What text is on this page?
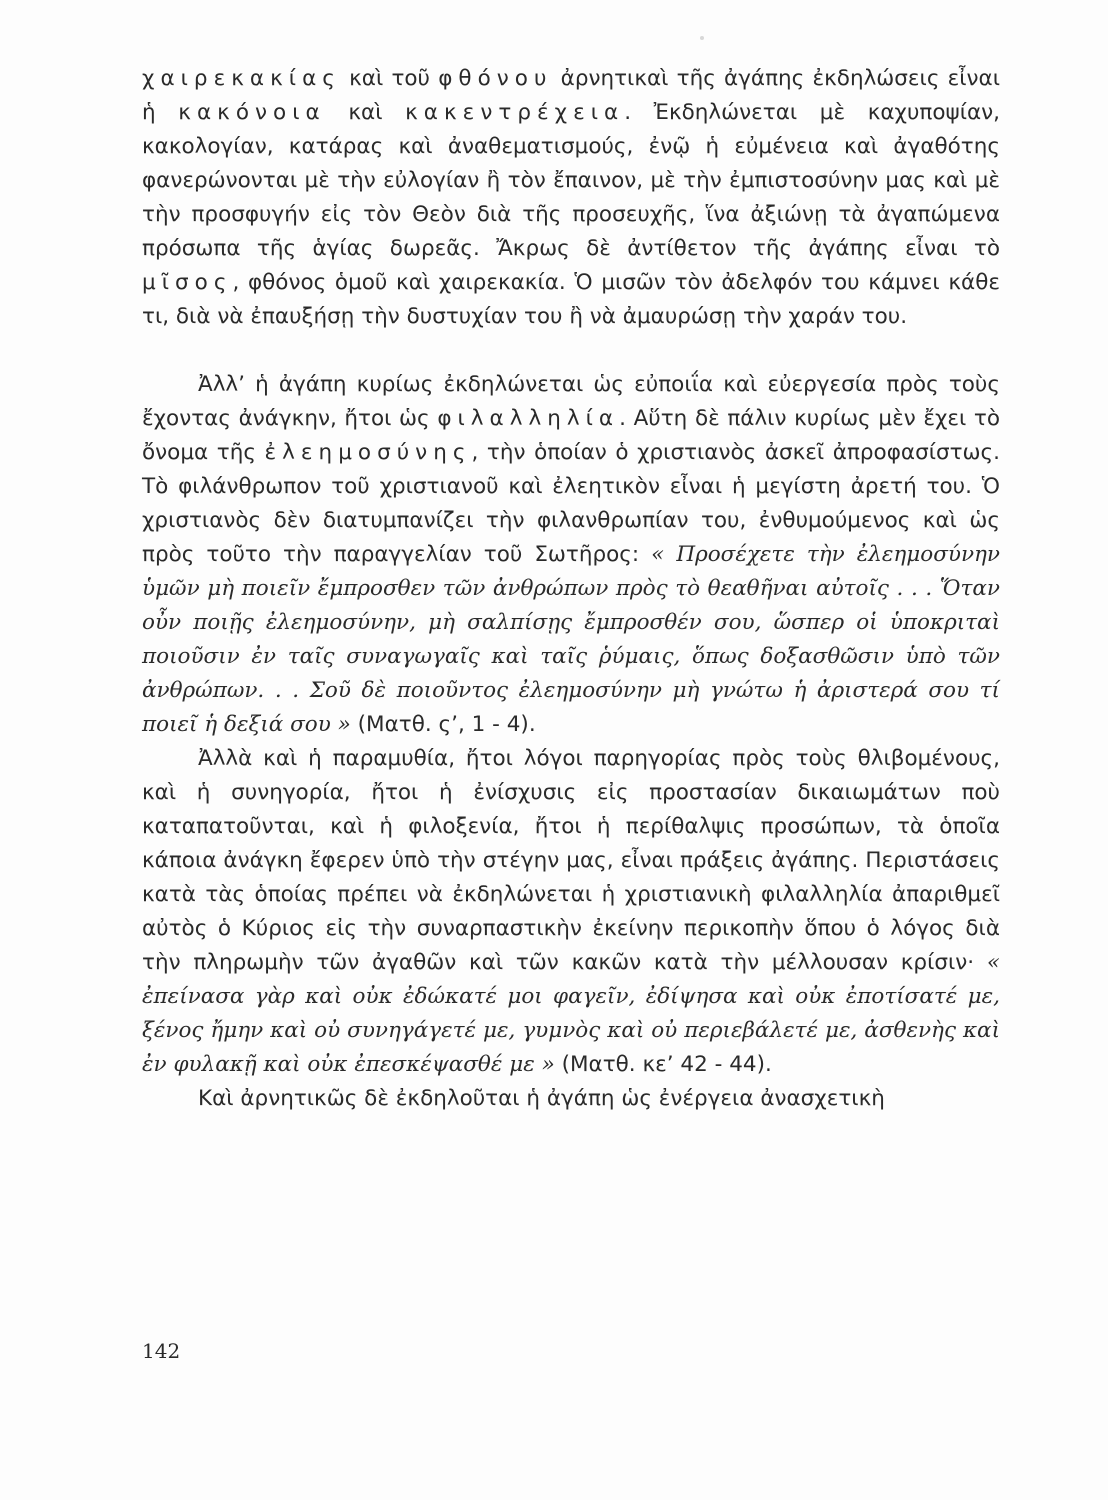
χαιρεκακίας καὶ τοῦ φθόνου ἀρνητικαὶ τῆς ἀγάπης ἐκδηλώσεις εἶναι ἡ κακόνοια καὶ κακεντρέχεια. Ἐκδηλώνεται μὲ καχυποψίαν, κακολογίαν, κατάρας καὶ ἀναθεματισμούς, ἐνῷ ἡ εὐμένεια καὶ ἀγαθότης φανερώνονται μὲ τὴν εὐλογίαν ἢ τὸν ἔπαινον, μὲ τὴν ἐμπιστοσύνην μας καὶ μὲ τὴν προσφυγήν εἰς τὸν Θεὸν διὰ τῆς προσευχῆς, ἵνα ἀξιώνῃ τὰ ἀγαπώμενα πρόσωπα τῆς ἁγίας δωρεᾶς. Ἄκρως δὲ ἀντίθετον τῆς ἀγάπης εἶναι τὸ μῖσος, φθόνος ὁμοῦ καὶ χαιρεκακία. Ὁ μισῶν τὸν ἀδελφόν του κάμνει κάθε τι, διὰ νὰ ἐπαυξήσῃ τὴν δυστυχίαν του ἢ νὰ ἀμαυρώσῃ τὴν χαράν του.

Ἀλλ’ ἡ ἀγάπη κυρίως ἐκδηλώνεται ὡς εὐποιΐα καὶ εὐεργεσία πρὸς τοὺς ἔχοντας ἀνάγκην, ἤτοι ὡς φιλαλληλία. Αὕτη δὲ πάλιν κυρίως μὲν ἔχει τὸ ὄνομα τῆς ἐλεημοσύνης, τὴν ὁποίαν ὁ χριστιανὸς ἀσκεῖ ἀπροφασίστως. Τὸ φιλάνθρωπον τοῦ χριστιανοῦ καὶ ἐλεητικὸν εἶναι ἡ μεγίστη ἀρετή του. Ὁ χριστιανὸς δὲν διατυμπανίζει τὴν φιλανθρωπίαν του, ἐνθυμούμενος καὶ ὡς πρὸς τοῦτο τὴν παραγγελίαν τοῦ Σωτῆρος: « Προσέχετε τὴν ἐλεημοσύνην ὑμῶν μὴ ποιεῖν ἔμπροσθεν τῶν ἀνθρώπων πρὸς τὸ θεαθῆναι αὐτοῖς . . . Ὅταν οὖν ποιῇς ἐλεημοσύνην, μὴ σαλπίσῃς ἔμπροσθέν σου, ὥσπερ οἱ ὑποκριταὶ ποιοῦσιν ἐν ταῖς συναγωγαῖς καὶ ταῖς ῥύμαις, ὅπως δοξασθῶσιν ὑπὸ τῶν ἀνθρώπων. . . Σοῦ δὲ ποιοῦντος ἐλεημοσύνην μὴ γνώτω ἡ ἀριστερά σου τί ποιεῖ ἡ δεξιά σου » (Ματθ. ς’, 1 - 4).

Ἀλλὰ καὶ ἡ παραμυθία, ἤτοι λόγοι παρηγορίας πρὸς τοὺς θλιβομένους, καὶ ἡ συνηγορία, ἤτοι ἡ ἐνίσχυσις εἰς προστασίαν δικαιωμάτων ποὺ καταπατοῦνται, καὶ ἡ φιλοξενία, ἤτοι ἡ περίθαλψις προσώπων, τὰ ὁποῖα κάποια ἀνάγκη ἔφερεν ὑπὸ τὴν στέγην μας, εἶναι πράξεις ἀγάπης. Περιστάσεις κατὰ τὰς ὁποίας πρέπει νὰ ἐκδηλώνεται ἡ χριστιανικὴ φιλαλληλία ἀπαριθμεῖ αὐτὸς ὁ Κύριος εἰς τὴν συναρπαστικὴν ἐκείνην περικοπὴν ὅπου ὁ λόγος διὰ τὴν πληρωμὴν τῶν ἀγαθῶν καὶ τῶν κακῶν κατὰ τὴν μέλλουσαν κρίσιν· « ἐπείνασα γὰρ καὶ οὐκ ἐδώκατέ μοι φαγεῖν, ἐδίψησα καὶ οὐκ ἐποτίσατέ με, ξένος ἤμην καὶ οὐ συνηγάγετέ με, γυμνὸς καὶ οὐ περιεβάλετέ με, ἀσθενὴς καὶ ἐν φυλακῇ καὶ οὐκ ἐπεσκέψασθέ με » (Ματθ. κε’ 42 - 44).

Καὶ ἀρνητικῶς δὲ ἐκδηλοῦται ἡ ἀγάπη ὡς ἐνέργεια ἀνασχετικὴ

142
